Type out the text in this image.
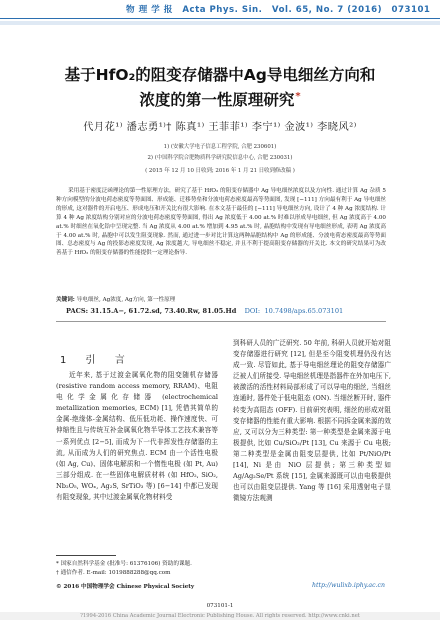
物 理 学 报 Acta Phys. Sin. Vol. 65, No. 7 (2016) 073101
基于HfO₂的阻变存储器中Ag导电细丝方向和
浓度的第一性原理研究*
代月花¹⁾ 潘志勇¹⁾† 陈真¹⁾ 王菲菲¹⁾ 李宁¹⁾ 金波¹⁾ 李晓风²⁾
1) (安徽大学电子信息工程学院, 合肥 230601)
2) (中国科学院合肥物质科学研究院信息中心, 合肥 230031)
( 2015 年 12 月 10 日收到; 2016 年 1 月 21 日收到修改稿 )
采用基于密度泛函理论的第一性原理方法，研究了基于 HfO₂ 的阻变存储器中 Ag 导电细丝浓度以及方向性. 通过计算 Ag 杂质 5 种方向模型的分波电荷态密度等势面图、形成能、迁移势垒和分波电荷态密度最高等势面图, 发现 [−111] 方向最有利于 Ag 导电细丝的形成, 这对器件的开启电压、形成电压和开关比有很大影响. 在本文基于最佳的 [−111] 导电细丝方向, 设计了 4 种 Ag 浓度结构. 计算 4 种 Ag 浓度结构分别对应的分波电荷态密度等势面图, 得出 Ag 浓度低于 4.00 at.% 时难以形成导电细丝, 但 Ag 浓度高于 4.00 at.% 时细丝在氧化铪中呈现完整. 当 Ag 浓度从 4.00 at.% 增加到 4.95 at.% 时, 晶胞结构中发现有导电细丝形成, 表明 Ag 浓度高于 4.00 at.% 时, 晶胞中可以发生阻变现象. 然而, 通过进一步对比计算这两种晶胞结构中 Ag 的形成能、分波电荷态密度最高等势面图、总态密度与 Ag 的投影态密度发现, Ag 浓度越大, 导电细丝不稳定, 并且不利于提高阻变存储器的开关比. 本文的研究结果可为改善基于 HfO₂ 的阻变存储器的性能提供一定理论指导.
关键词: 导电细丝, Ag浓度, Ag方向, 第一性原理
PACS: 31.15.A−, 61.72.sd, 73.40.Rw, 81.05.Hd DOI: 10.7498/aps.65.073101
1 引 言
近年来, 基于过渡金属氧化物的阻变随机存储器 (resistive random access memory, RRAM)、电阻电化学金属化存储器 (electrochemical metallization memories, ECM) [1], 凭借其简单的金属-绝缘体-金属结构、低压低功耗、操作速度快、可伸缩性且与传统互补金属氧化物半导体工艺技术兼容等一系列优点 [2−5], 而成为下一代非挥发性存储器的主流, 从而成为人们的研究焦点. ECM 由一个活性电极 (如 Ag, Cu)、固体电解质和一个惰性电极 (如 Pt, Au) 三部分组成. 在一些固体电解质材料 (如 HfO₂, SiO₂, Nb₂O₅, WOₓ, Ag₂S, SrTiO₃ 等) [6−14] 中都已发现有阻变现象, 其中过渡金属氧化物材料受
到科研人员的广泛研究. 50 年前, 科研人员就开始对阻变存储器进行研究 [12], 但是至今阻变机理仍没有达成一致. 尽管如此, 基于导电细丝理论的阻变存储器广泛被人们所接受. 导电细丝机理是指器件在外加电压下, 被激活的活性材料局部形成了可以导电的细丝, 当细丝连通时, 器件处于低电阻态 (ON). 当细丝断开时, 器件转变为高阻态 (OFF). 目前研究表明, 细丝的形成对阻变存储器的性能有重大影响. 根据不同拆金属来源的效应, 又可以分为三种类型: 第一种类型是金属来源于电极提供, 比如 Cu/SiO₂/Pt [13], Cu 来源于 Cu 电极; 第二种类型是金属由阻变层提供, 比如 Pt/NiO/Pt [14], Ni 是由 NiO 层提供; 第三种类型如 Ag/Ag₂Se/Pt 系统 [15], 金属来源既可以由电极提供也可以由阻变层提供. Yang 等 [16] 采用透射电子显微镜方法观测
* 国家自然科学基金 (批准号: 61376106) 资助的课题.
† 通信作者. E-mail: 1019888288@qq.com
© 2016 中国物理学会 Chinese Physical Society	http://wulixb.iphy.ac.cn
073101-1
?1994-2016 China Academic Journal Electronic Publishing House. All rights reserved. http://www.cnki.net
